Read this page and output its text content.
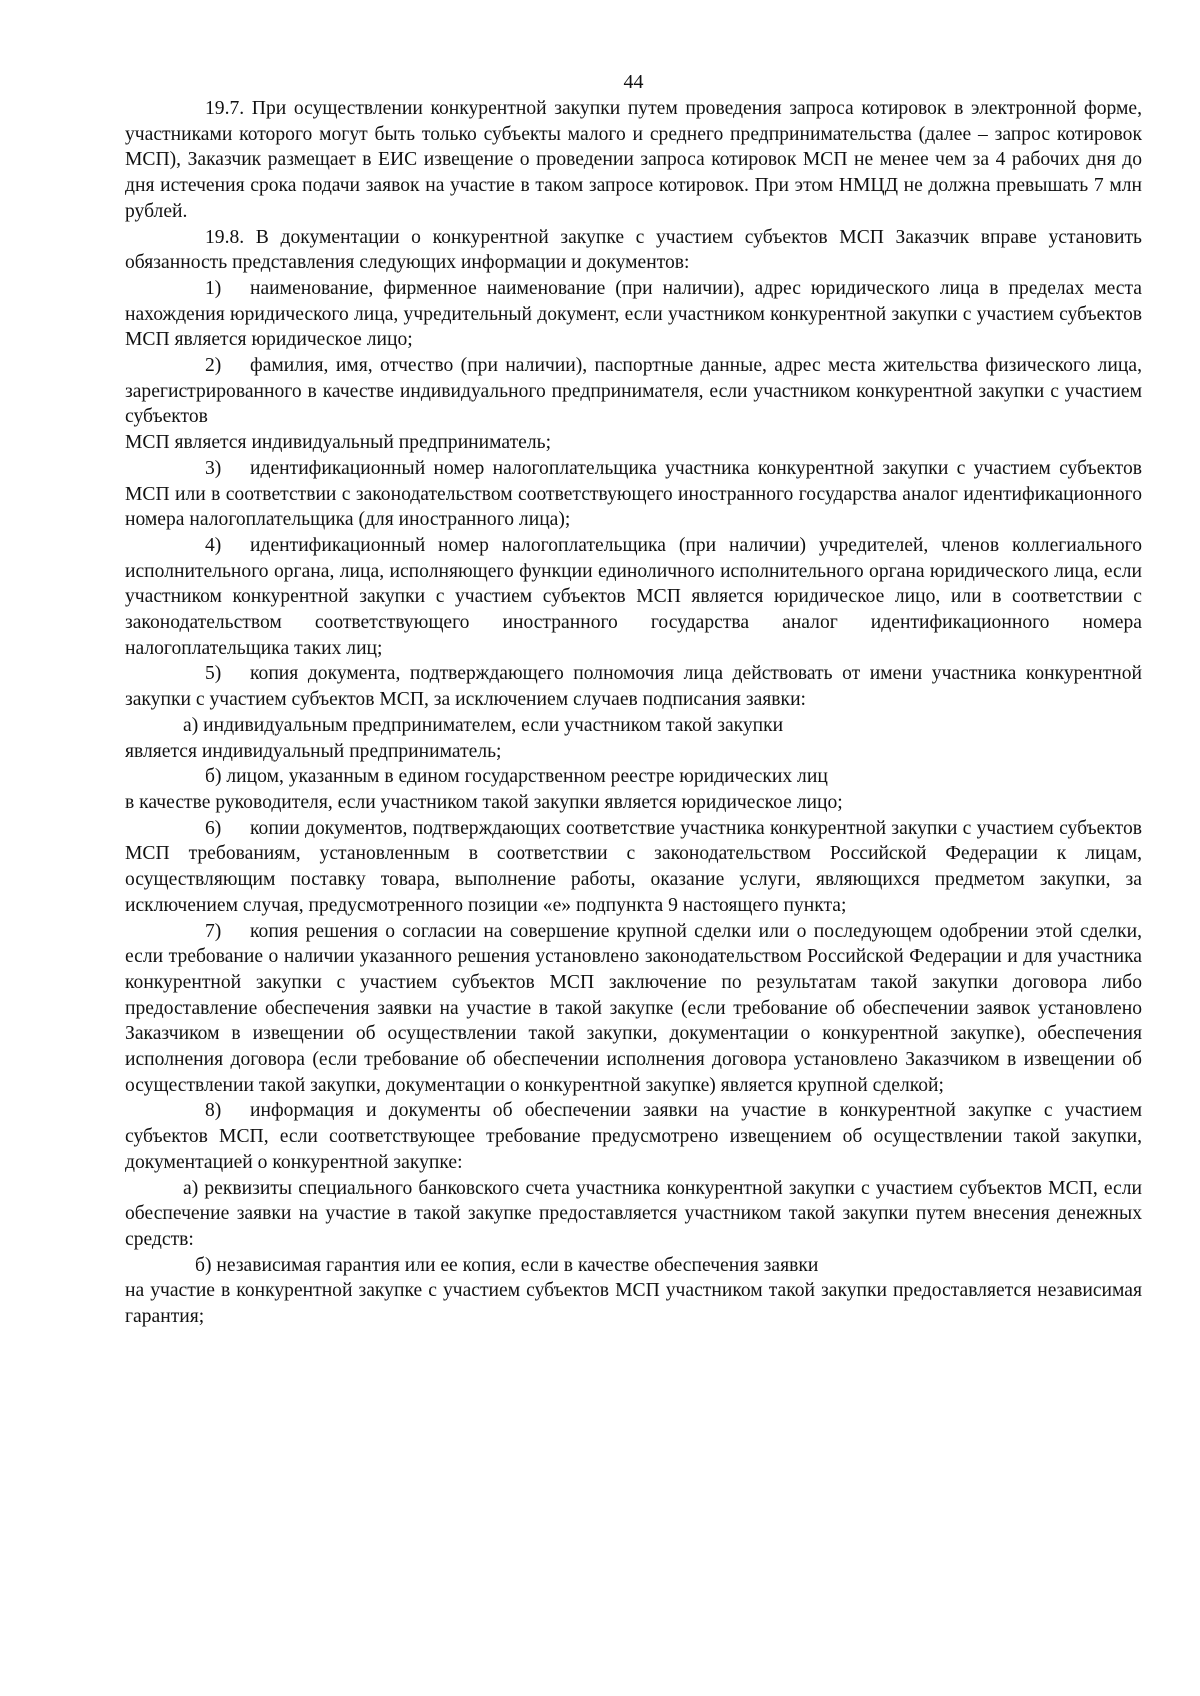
44

19.7. При осуществлении конкурентной закупки путем проведения запроса котировок в электронной форме, участниками которого могут быть только субъекты малого и среднего предпринимательства (далее – запрос котировок МСП), Заказчик размещает в ЕИС извещение о проведении запроса котировок МСП не менее чем за 4 рабочих дня до дня истечения срока подачи заявок на участие в таком запросе котировок. При этом НМЦД не должна превышать 7 млн рублей.

19.8. В документации о конкурентной закупке с участием субъектов МСП Заказчик вправе установить обязанность представления следующих информации и документов:

1) наименование, фирменное наименование (при наличии), адрес юридического лица в пределах места нахождения юридического лица, учредительный документ, если участником конкурентной закупки с участием субъектов МСП является юридическое лицо;

2) фамилия, имя, отчество (при наличии), паспортные данные, адрес места жительства физического лица, зарегистрированного в качестве индивидуального предпринимателя, если участником конкурентной закупки с участием субъектов
МСП является индивидуальный предприниматель;

3) идентификационный номер налогоплательщика участника конкурентной закупки с участием субъектов МСП или в соответствии с законодательством соответствующего иностранного государства аналог идентификационного номера налогоплательщика (для иностранного лица);

4) идентификационный номер налогоплательщика (при наличии) учредителей, членов коллегиального исполнительного органа, лица, исполняющего функции единоличного исполнительного органа юридического лица, если участником конкурентной закупки с участием субъектов МСП является юридическое лицо, или в соответствии с законодательством соответствующего иностранного государства аналог идентификационного номера налогоплательщика таких лиц;

5) копия документа, подтверждающего полномочия лица действовать от имени участника конкурентной закупки с участием субъектов МСП, за исключением случаев подписания заявки:

а) индивидуальным предпринимателем, если участником такой закупки
является индивидуальный предприниматель;
б) лицом, указанным в едином государственном реестре юридических лиц
в качестве руководителя, если участником такой закупки является юридическое лицо;

6) копии документов, подтверждающих соответствие участника конкурентной закупки с участием субъектов МСП требованиям, установленным в соответствии с законодательством Российской Федерации к лицам, осуществляющим поставку товара, выполнение работы, оказание услуги, являющихся предметом закупки, за исключением случая, предусмотренного позиции «е» подпункта 9 настоящего пункта;

7) копия решения о согласии на совершение крупной сделки или о последующем одобрении этой сделки, если требование о наличии указанного решения установлено законодательством Российской Федерации и для участника конкурентной закупки с участием субъектов МСП заключение по результатам такой закупки договора либо предоставление обеспечения заявки на участие в такой закупке (если требование об обеспечении заявок установлено Заказчиком в извещении об осуществлении такой закупки, документации о конкурентной закупке), обеспечения исполнения договора (если требование об обеспечении исполнения договора установлено Заказчиком в извещении об осуществлении такой закупки, документации о конкурентной закупке) является крупной сделкой;

8) информация и документы об обеспечении заявки на участие в конкурентной закупке с участием субъектов МСП, если соответствующее требование предусмотрено извещением об осуществлении такой закупки, документацией о конкурентной закупке:

а) реквизиты специального банковского счета участника конкурентной закупки с участием субъектов МСП, если обеспечение заявки на участие в такой закупке предоставляется участником такой закупки путем внесения денежных средств:

б) независимая гарантия или ее копия, если в качестве обеспечения заявки
на участие в конкурентной закупке с участием субъектов МСП участником такой закупки предоставляется независимая гарантия;
